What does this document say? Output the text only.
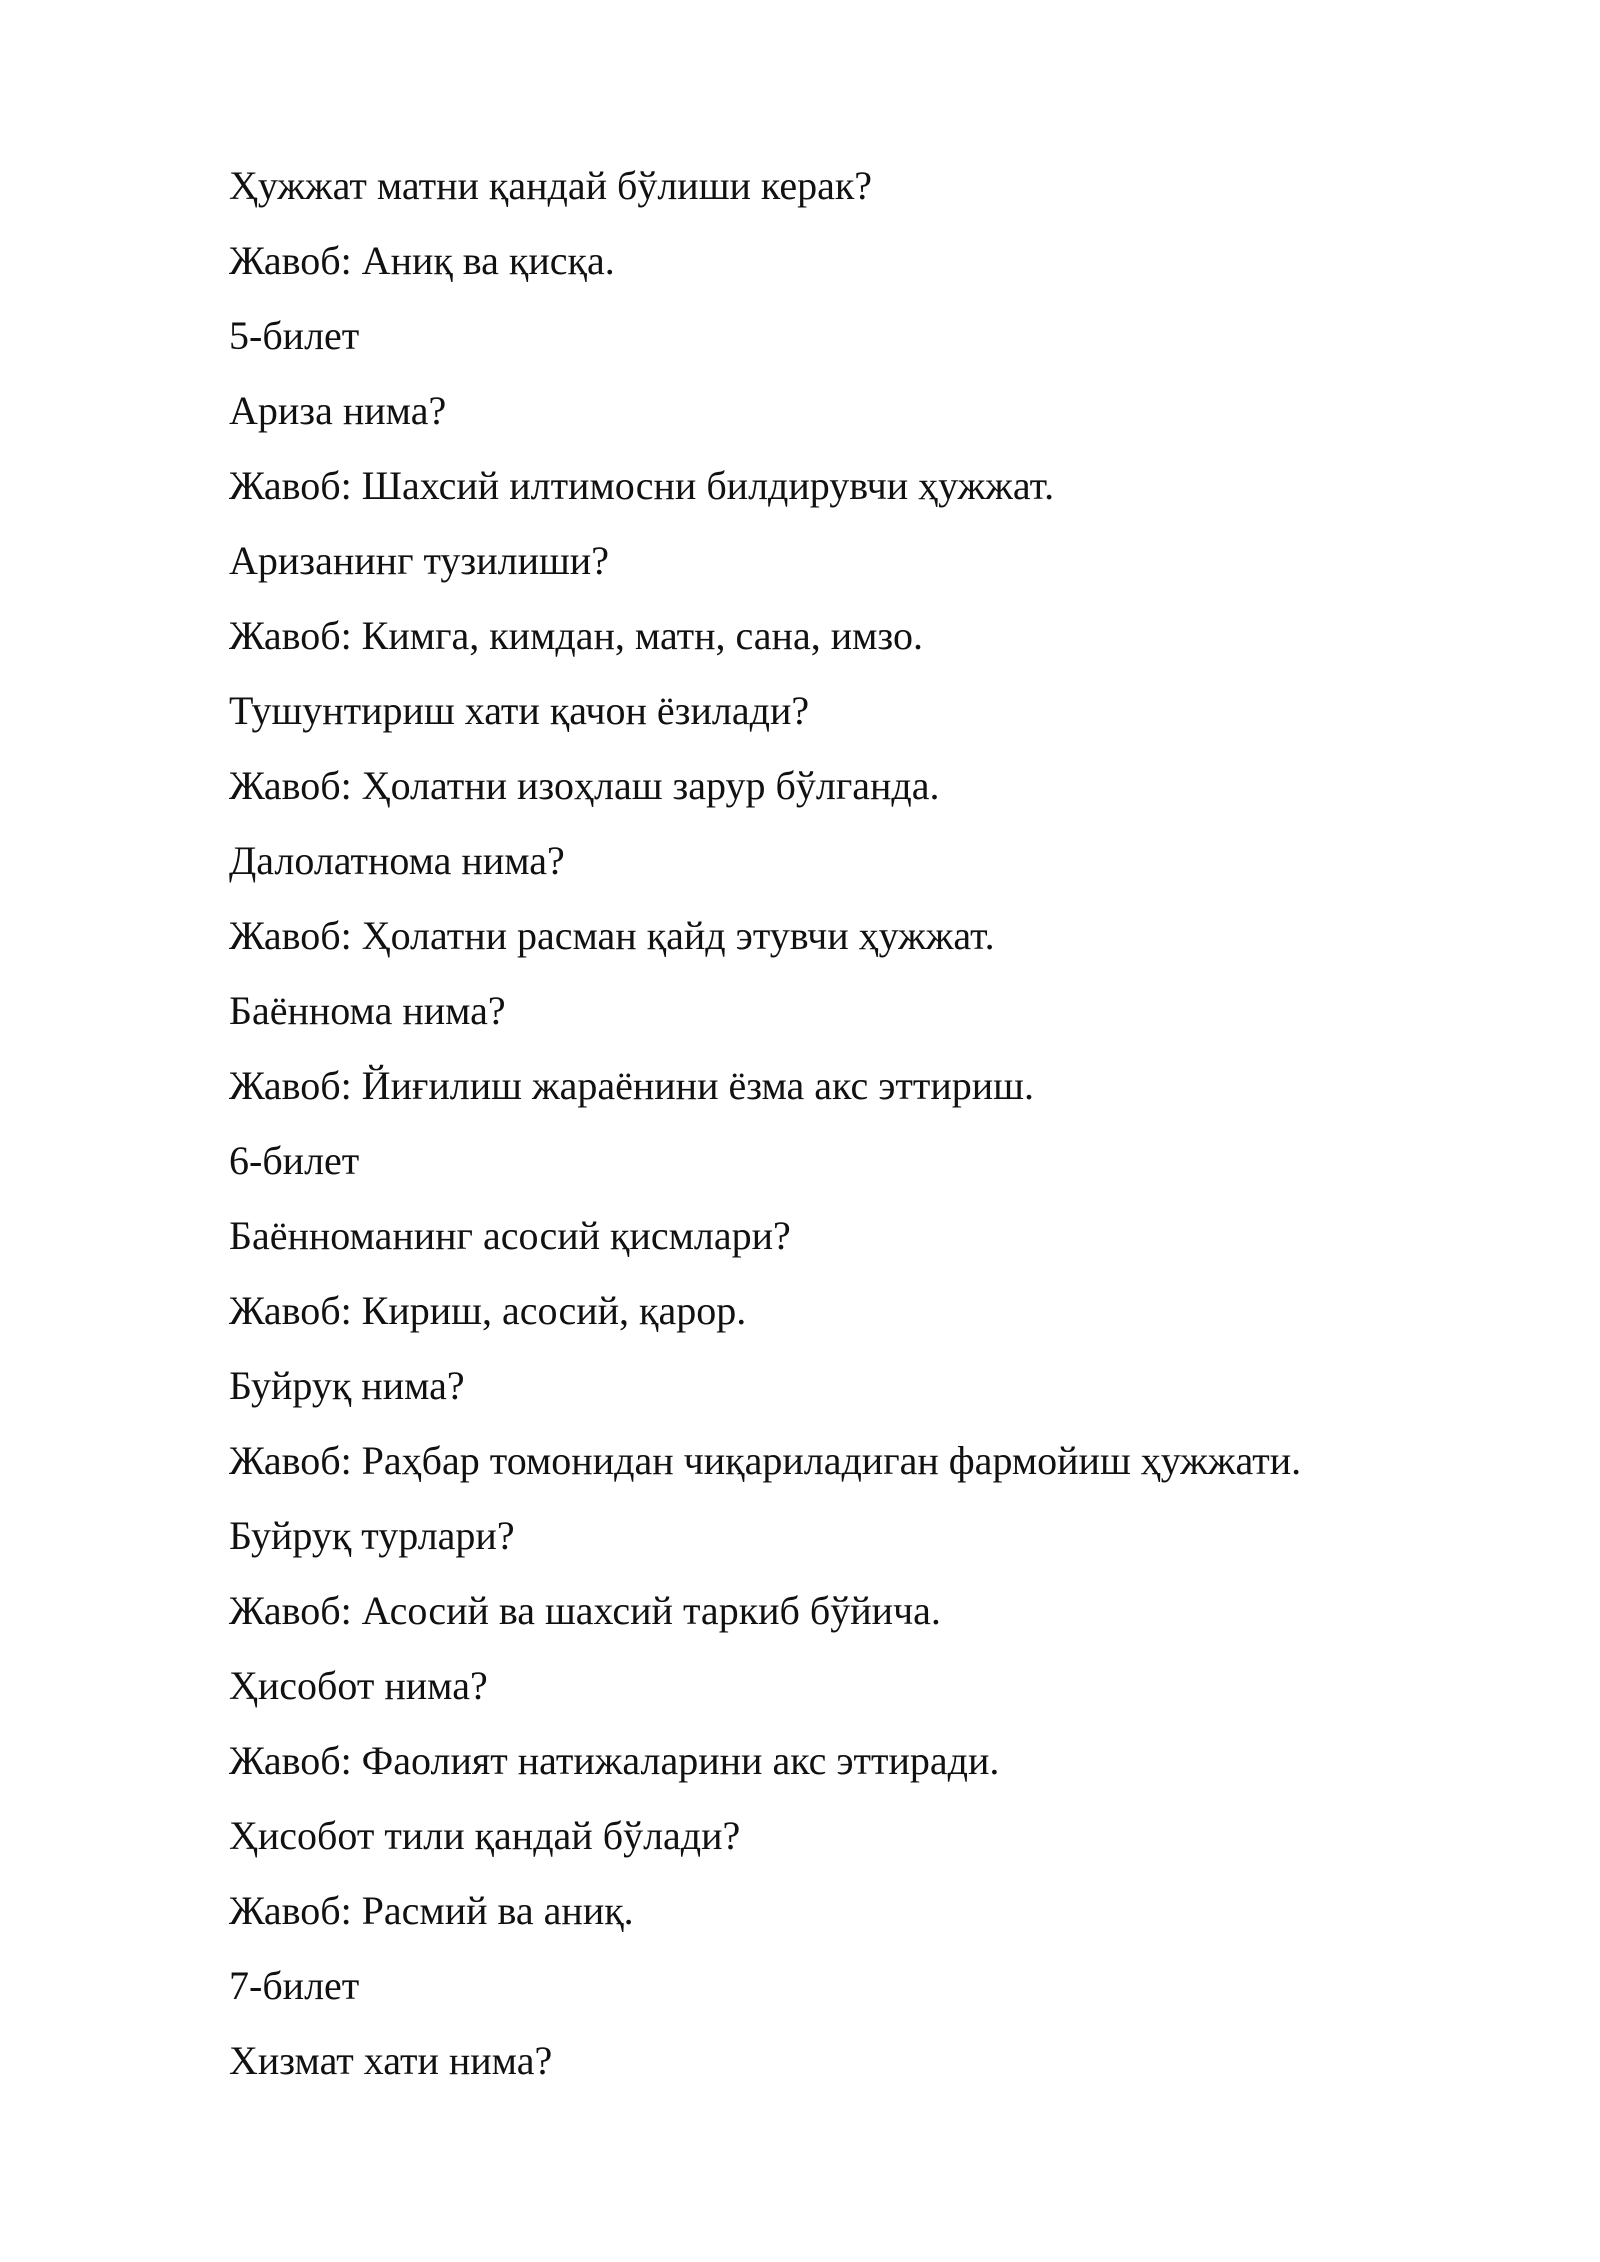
Ҳужжат матни қандай бўлиши керак?
Жавоб: Аниқ ва қисқа.
5-билет
Ариза нима?
Жавоб: Шахсий илтимосни билдирувчи ҳужжат.
Аризанинг тузилиши?
Жавоб: Кимга, кимдан, матн, сана, имзо.
Тушунтириш хати қачон ёзилади?
Жавоб: Ҳолатни изоҳлаш зарур бўлганда.
Далолатнома нима?
Жавоб: Ҳолатни расман қайд этувчи ҳужжат.
Баённома нима?
Жавоб: Йиғилиш жараёнини ёзма акс эттириш.
6-билет
Баённоманинг асосий қисмлари?
Жавоб: Кириш, асосий, қарор.
Буйруқ нима?
Жавоб: Раҳбар томонидан чиқариладиган фармойиш ҳужжати.
Буйруқ турлари?
Жавоб: Асосий ва шахсий таркиб бўйича.
Ҳисобот нима?
Жавоб: Фаолият натижаларини акс эттиради.
Ҳисобот тили қандай бўлади?
Жавоб: Расмий ва аниқ.
7-билет
Хизмат хати нима?
